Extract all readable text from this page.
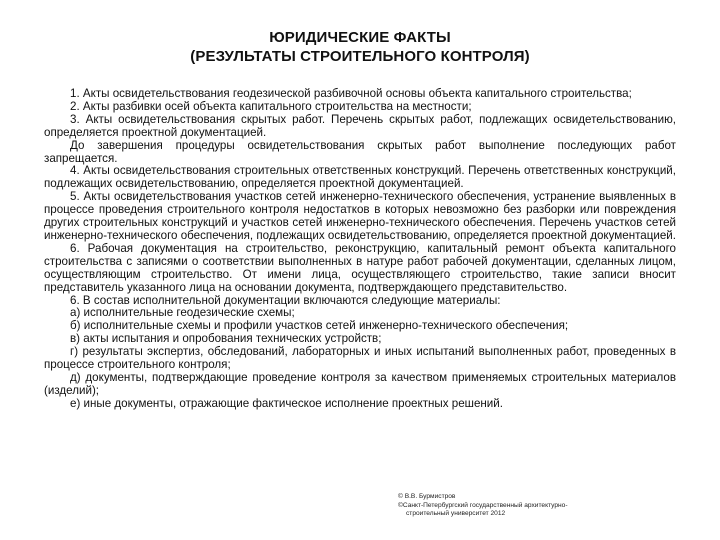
ЮРИДИЧЕСКИЕ ФАКТЫ
(РЕЗУЛЬТАТЫ СТРОИТЕЛЬНОГО КОНТРОЛЯ)

1. Акты освидетельствования геодезической разбивочной основы объекта капитального строительства;

2. Акты разбивки осей объекта капитального строительства на местности;

3. Акты освидетельствования скрытых работ. Перечень скрытых работ, подлежащих освидетельствованию, определяется проектной документацией.

До завершения процедуры освидетельствования скрытых работ выполнение последующих работ запрещается.

4. Акты освидетельствования строительных ответственных конструкций. Перечень ответственных конструкций, подлежащих освидетельствованию, определяется проектной документацией.

5. Акты освидетельствования участков сетей инженерно-технического обеспечения, устранение выявленных в процессе проведения строительного контроля недостатков в которых невозможно без разборки или повреждения других строительных конструкций и участков сетей инженерно-технического обеспечения. Перечень участков сетей инженерно-технического обеспечения, подлежащих освидетельствованию, определяется проектной документацией.

6. Рабочая документация на строительство, реконструкцию, капитальный ремонт объекта капитального строительства с записями о соответствии выполненных в натуре работ рабочей документации, сделанных лицом, осуществляющим строительство. От имени лица, осуществляющего строительство, такие записи вносит представитель указанного лица на основании документа, подтверждающего представительство.

6. В состав исполнительной документации включаются следующие материалы:

а) исполнительные геодезические схемы;

б) исполнительные схемы и профили участков сетей инженерно-технического обеспечения;

в) акты испытания и опробования технических устройств;

г) результаты экспертиз, обследований, лабораторных и иных испытаний выполненных работ, проведенных в процессе строительного контроля;

д) документы, подтверждающие проведение контроля за качеством применяемых строительных материалов (изделий);

е) иные документы, отражающие фактическое исполнение проектных решений.

© В.В. Бурмистров
©Санкт-Петербургский государственный архитектурно-
строительный университет 2012
